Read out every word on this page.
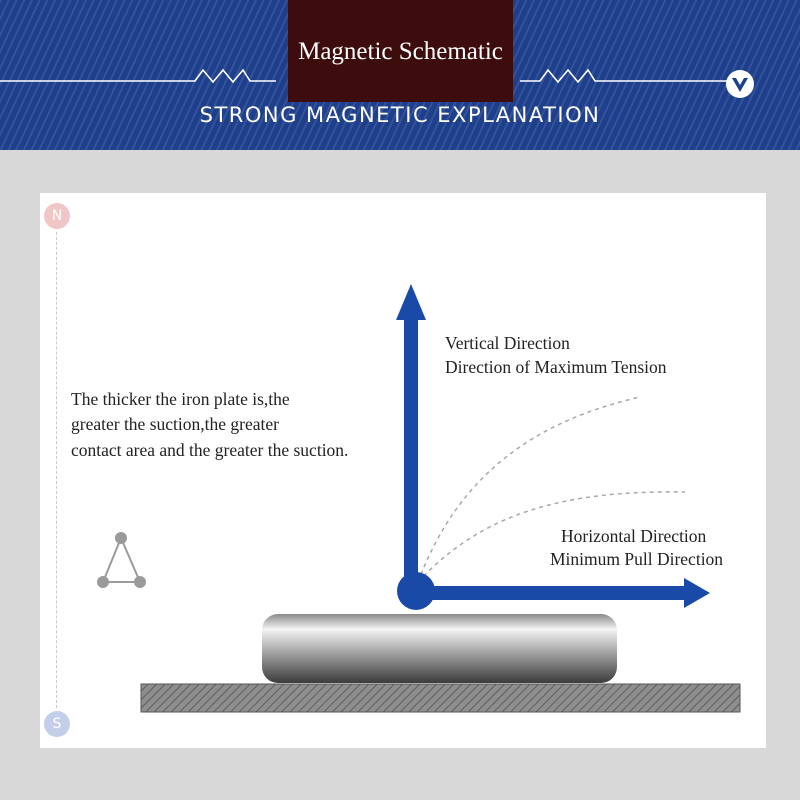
Magnetic Schematic
STRONG MAGNETIC EXPLANATION
N
S
The thicker the iron plate is,the
greater the suction,the greater
contact area and the greater the suction.
Vertical Direction
Direction of Maximum Tension
Horizontal Direction
Minimum Pull Direction
